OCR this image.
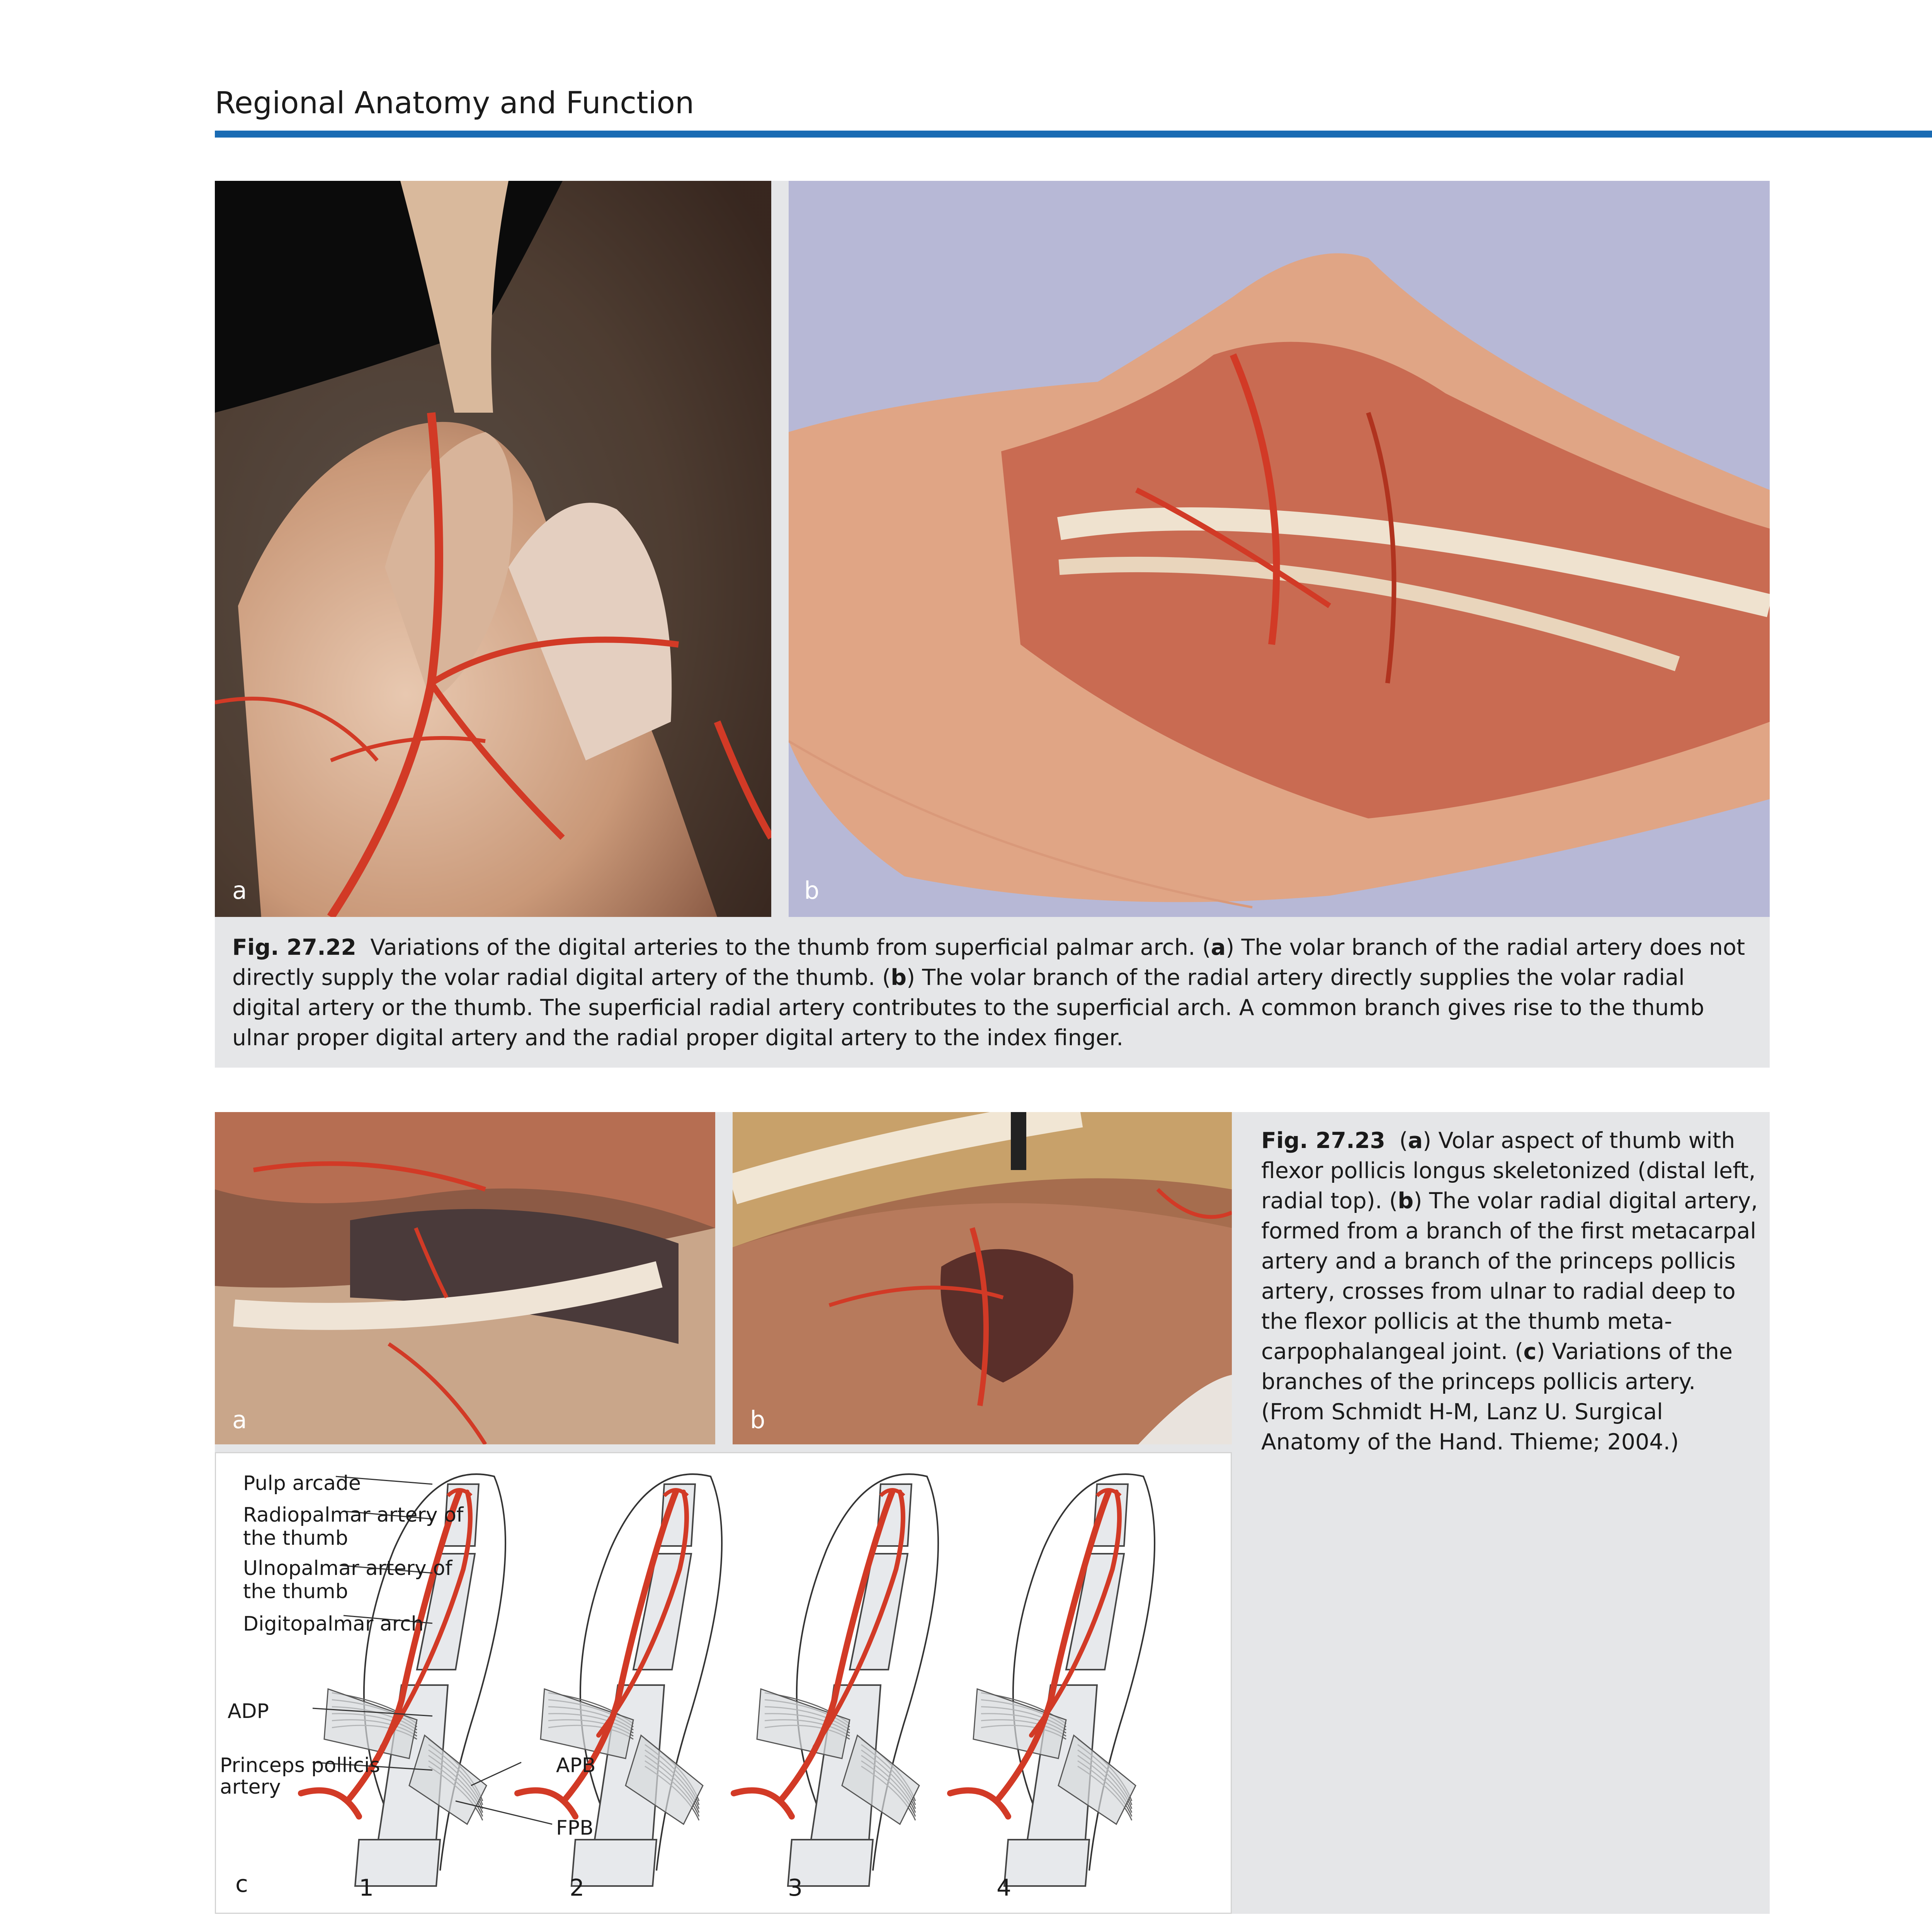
Regional Anatomy and Function
a	b
Fig. 27.22 Variations of the digital arteries to the thumb from superficial palmar arch. (a) The volar branch of the radial artery does not directly supply the volar radial digital artery of the thumb. (b) The volar branch of the radial artery directly supplies the volar radial digital artery or the thumb. The superficial radial artery contributes to the superficial arch. A common branch gives rise to the thumb ulnar proper digital artery and the radial proper digital artery to the index finger.
a	b
Fig. 27.23 (a) Volar aspect of thumb with flexor pollicis longus skeletonized (distal left, radial top). (b) The volar radial digital artery, formed from a branch of the first metacarpal artery and a branch of the princeps pollicis artery, crosses from ulnar to radial deep to the flexor pollicis at the thumb metacarpophalangeal joint. (c) Variations of the branches of the princeps pollicis artery. (From Schmidt H-M, Lanz U. Surgical Anatomy of the Hand. Thieme; 2004.)
Pulp arcade
Radiopalmar artery of
the thumb
Ulnopalmar artery of
the thumb
Digitopalmar arch
ADP
Princeps pollicis
artery
APB
FPB
c	1	2	3	4
